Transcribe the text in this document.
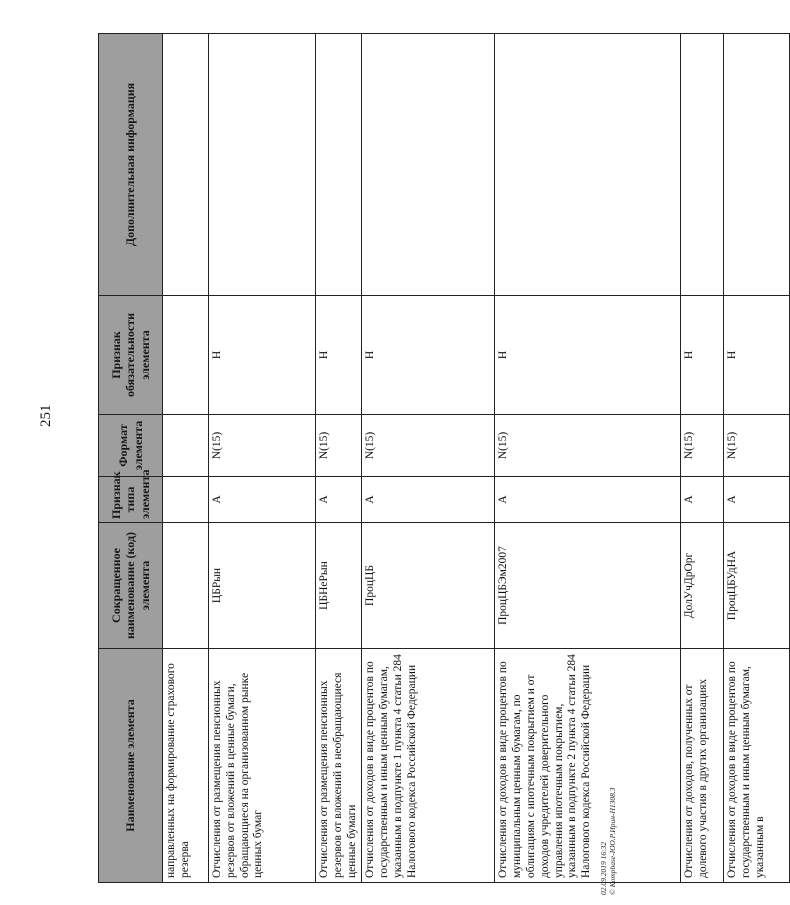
251
Наименование элемента	Сокращенное наименование (код) элемента	Признак типа элемента	Формат элемента	Признак обязательности элемента	Дополнительная информация
направленных на формирование страхового резерва					
Отчисления от размещения пенсионных резервов от вложений в ценные бумаги, обращающиеся на организованном рынке ценных бумаг	ЦБРын	А	N(15)	Н	
Отчисления от размещения пенсионных резервов от вложений в необращающиеся ценные бумаги	ЦБНеРын	А	N(15)	Н	
Отчисления от доходов в виде процентов по государственным и иным ценным бумагам, указанным в подпункте 1 пункта 4 статьи 284 Налогового кодекса Российской Федерации	ПроцЦБ	А	N(15)	Н	
Отчисления от доходов в виде процентов по муниципальным ценным бумагам, по облигациям с ипотечным покрытием и от доходов учредителей доверительного управления ипотечным покрытием, указанным в подпункте 2 пункта 4 статьи 284 Налогового кодекса Российской Федерации	ПроцЦБЭм2007	А	N(15)	Н	
Отчисления от доходов, полученных от долевого участия в других организациях	ДолУчДрОрг	А	N(15)	Н	
Отчисления от доходов в виде процентов по государственным и иным ценным бумагам, указанным в	ПроцЦБУдНА	А	N(15)	Н	
02.09.2019 16:32 © Kompbase-ЮО.Р.Ирин-Н1308.3
